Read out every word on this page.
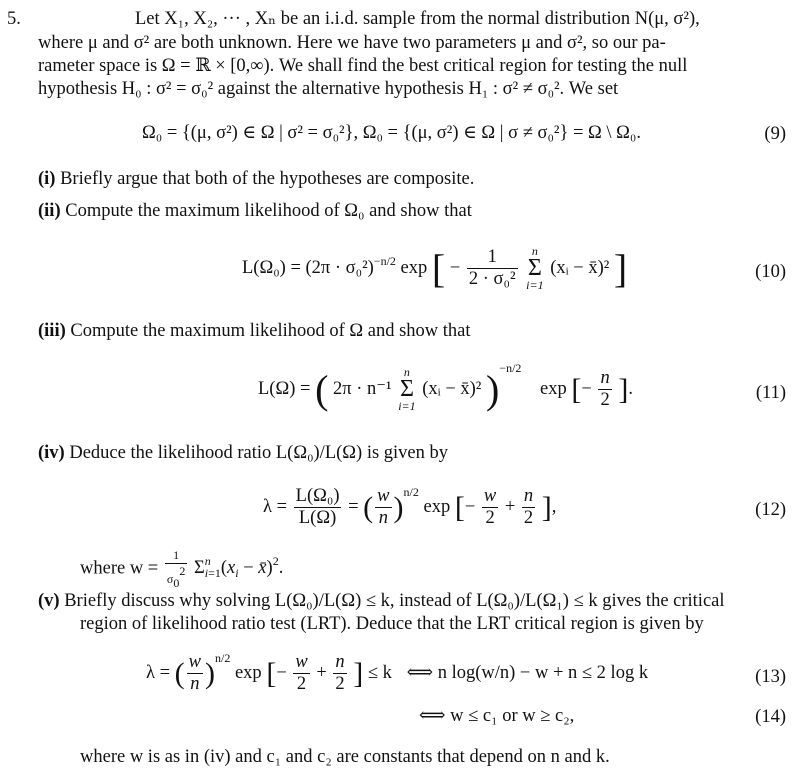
5.	Let X₁, X₂, ··· , Xₙ be an i.i.d. sample from the normal distribution N(μ, σ²),
where μ and σ² are both unknown. Here we have two parameters μ and σ², so our pa-
rameter space is Ω = ℝ × [0,∞). We shall find the best critical region for testing the null
hypothesis H₀ : σ² = σ₀² against the alternative hypothesis H₁ : σ² ≠ σ₀². We set
Ω₀ = {(μ, σ²) ∈ Ω | σ² = σ₀²}, Ω₀ = {(μ, σ²) ∈ Ω | σ ≠ σ₀²} = Ω \ Ω₀.	(9)
(i) Briefly argue that both of the hypotheses are composite.
(ii) Compute the maximum likelihood of Ω₀ and show that
$L(\Omega_0) = (2\pi \cdot \sigma_0^2)^{-n/2}$ exp [ − $\frac{1}{\text{2 · σ₀²}}$
	n
Σ
i=1
(xᵢ − x̄)² ]	(10)
(iii) Compute the maximum likelihood of Ω and show that
L(Ω) = ( 2π · n⁻¹
n
Σ
i=1
(xᵢ − x̄)² )$^{-n/2}$ exp [− $\frac{n}{2}$ ].	(11)
(iv) Deduce the likelihood ratio L(Ω₀)/L(Ω) is given by
$\lambda = \frac{\text{L(Ω₀)}}{L(\Omega)}$ = ( $\frac{w}{n} )^{n/2}$ exp [− $\frac{w}{2} + \frac{n}{2}$ ],	(12)
where $w = \frac{1}{\sigma_0^2} \Sigma^n_{i=1}(x_i$ − x̄)$^2$.
(v) Briefly discuss why solving L(Ω₀)/L(Ω) ≤ k, instead of L(Ω₀)/L(Ω₁) ≤ k gives the critical
region of likelihood ratio test (LRT). Deduce that the LRT critical region is given by
λ = ( $\frac{w}{n} )^{n/2}$ exp [− $\frac{w}{2} + \frac{n}{2}$ ] ≤ k ⟺ n log(w/n) − w + n ≤ 2 log k	(13)
⟺ w ≤ c₁ or w ≥ c₂,	(14)
where w is as in (iv) and c₁ and c₂ are constants that depend on n and k.
